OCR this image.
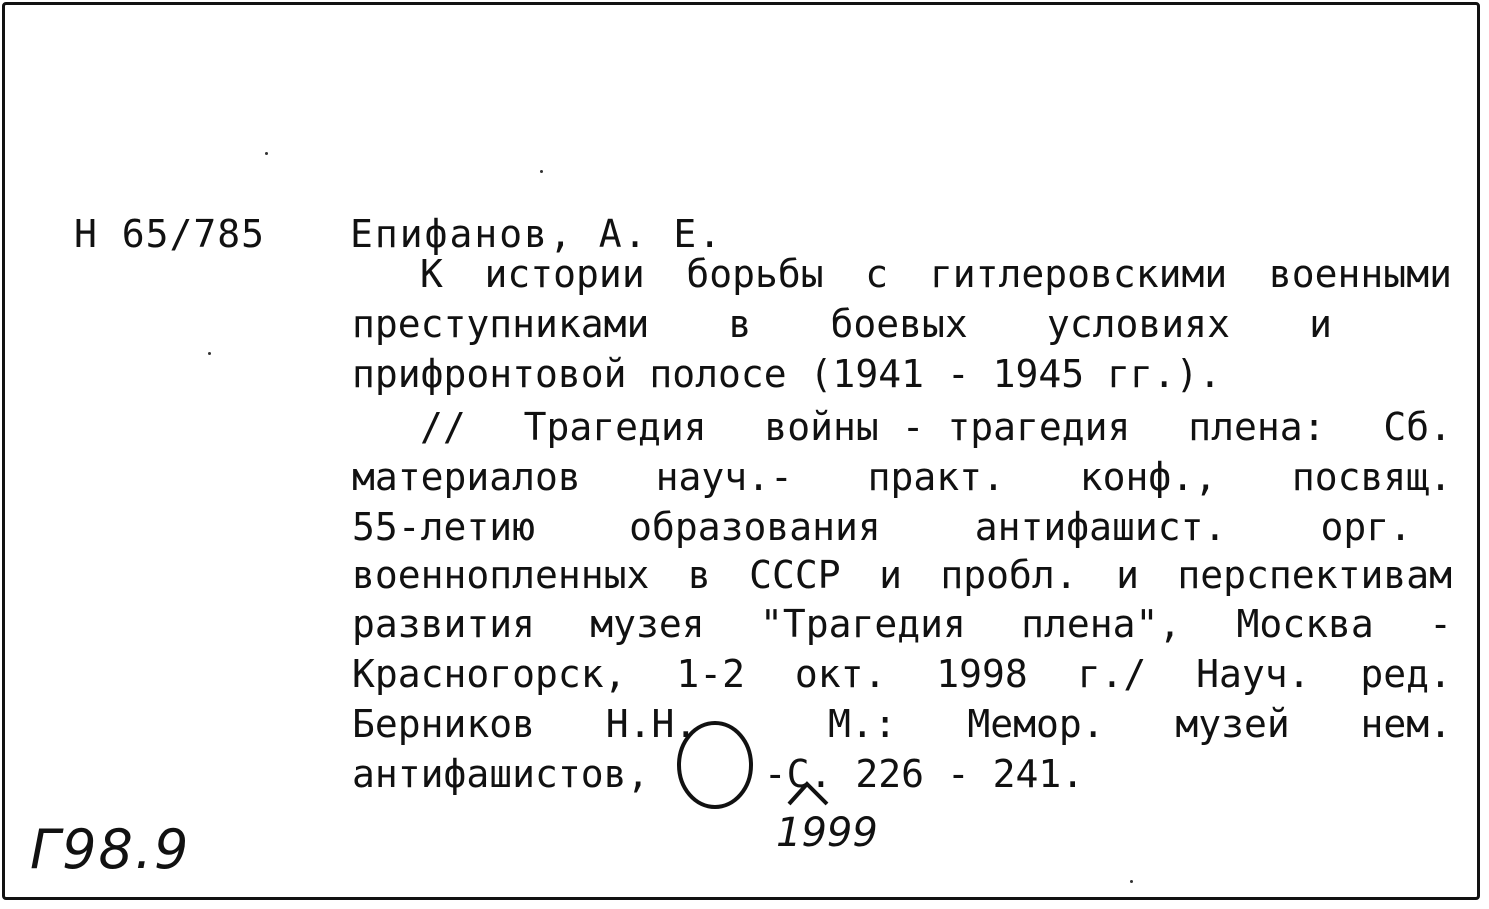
Н 65/785 Епифанов, А. Е.
К истории борьбы с гитлеровскими военными
преступниками в боевых условиях и
прифронтовой полосе (1941 - 1945 гг.).
// Трагедия войны - трагедия плена: Сб.
материалов науч.- практ. конф., посвящ.
55-летию образования антифашист. орг.
военнопленных в СССР и пробл. и перспективам
развития музея "Трагедия плена", Москва -
Красногорск, 1-2 окт. 1998 г./ Науч. ред.
Берников Н.Н.	М.: Мемор. музей нем.
антифашистов,     -С. 226 - 241.
Г98.9	1999
